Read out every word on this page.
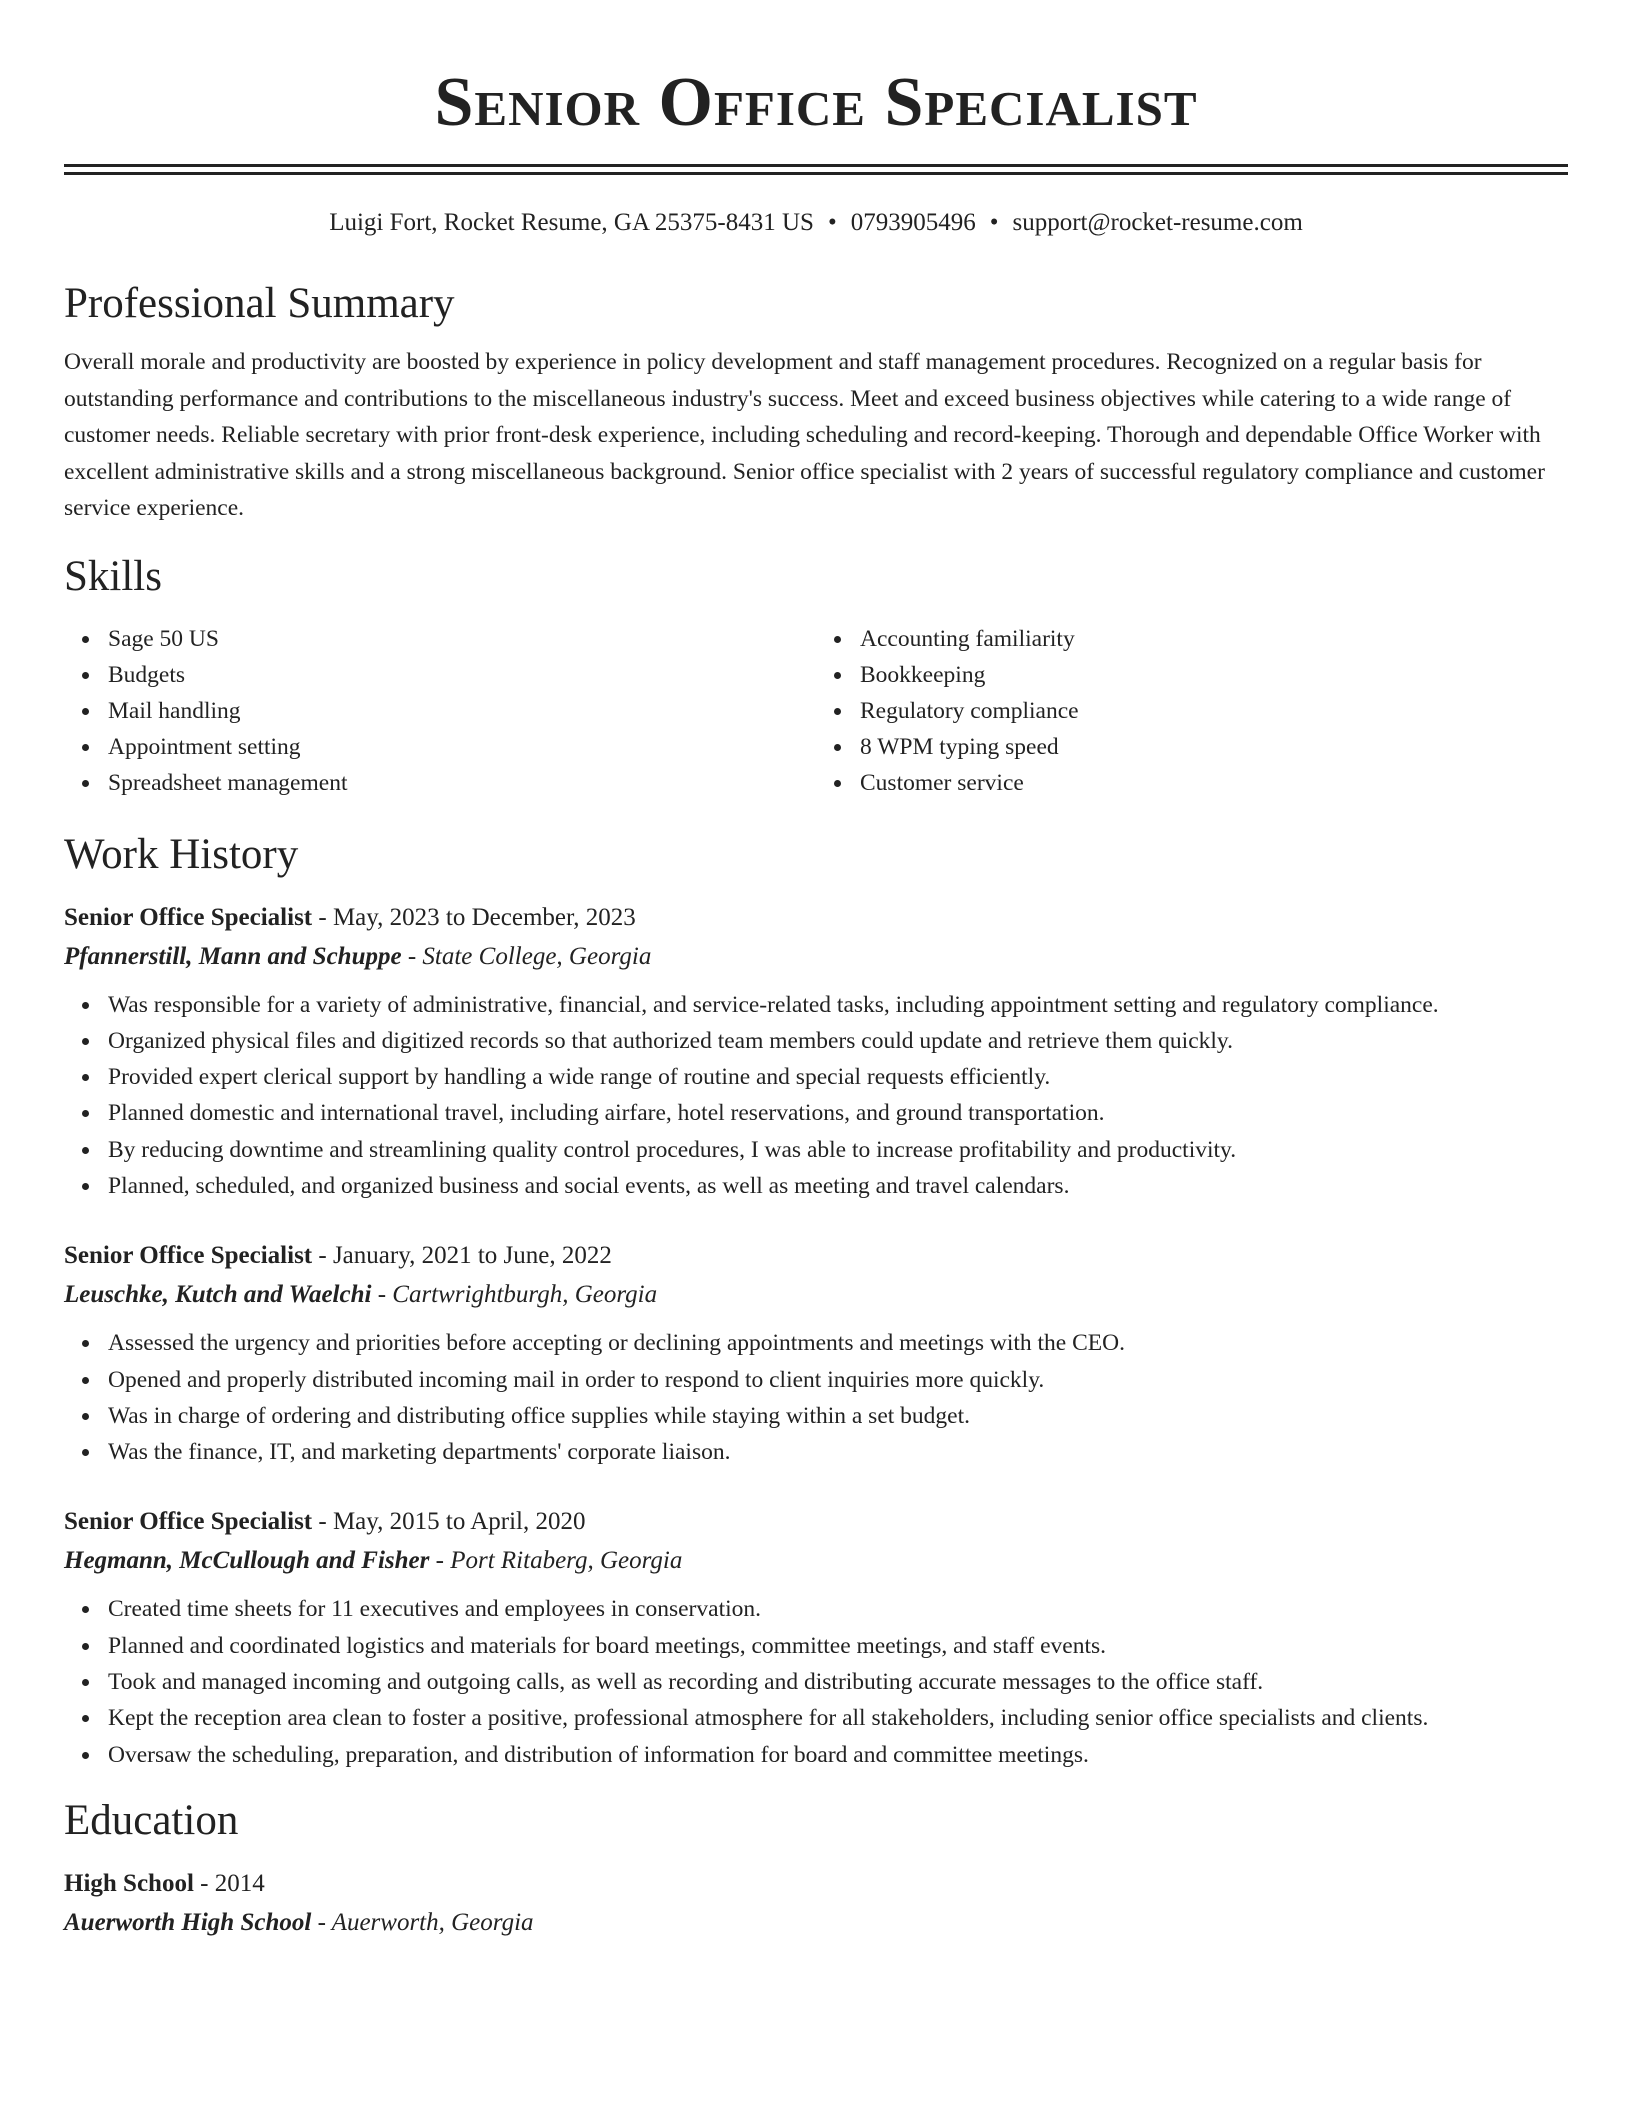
Senior Office Specialist
Luigi Fort, Rocket Resume, GA 25375-8431 US • 0793905496 • support@rocket-resume.com
Professional Summary
Overall morale and productivity are boosted by experience in policy development and staff management procedures. Recognized on a regular basis for outstanding performance and contributions to the miscellaneous industry's success. Meet and exceed business objectives while catering to a wide range of customer needs. Reliable secretary with prior front-desk experience, including scheduling and record-keeping. Thorough and dependable Office Worker with excellent administrative skills and a strong miscellaneous background. Senior office specialist with 2 years of successful regulatory compliance and customer service experience.
Skills
Sage 50 US
Budgets
Mail handling
Appointment setting
Spreadsheet management
Accounting familiarity
Bookkeeping
Regulatory compliance
8 WPM typing speed
Customer service
Work History
Senior Office Specialist - May, 2023 to December, 2023
Pfannerstill, Mann and Schuppe - State College, Georgia
Was responsible for a variety of administrative, financial, and service-related tasks, including appointment setting and regulatory compliance.
Organized physical files and digitized records so that authorized team members could update and retrieve them quickly.
Provided expert clerical support by handling a wide range of routine and special requests efficiently.
Planned domestic and international travel, including airfare, hotel reservations, and ground transportation.
By reducing downtime and streamlining quality control procedures, I was able to increase profitability and productivity.
Planned, scheduled, and organized business and social events, as well as meeting and travel calendars.
Senior Office Specialist - January, 2021 to June, 2022
Leuschke, Kutch and Waelchi - Cartwrightburgh, Georgia
Assessed the urgency and priorities before accepting or declining appointments and meetings with the CEO.
Opened and properly distributed incoming mail in order to respond to client inquiries more quickly.
Was in charge of ordering and distributing office supplies while staying within a set budget.
Was the finance, IT, and marketing departments' corporate liaison.
Senior Office Specialist - May, 2015 to April, 2020
Hegmann, McCullough and Fisher - Port Ritaberg, Georgia
Created time sheets for 11 executives and employees in conservation.
Planned and coordinated logistics and materials for board meetings, committee meetings, and staff events.
Took and managed incoming and outgoing calls, as well as recording and distributing accurate messages to the office staff.
Kept the reception area clean to foster a positive, professional atmosphere for all stakeholders, including senior office specialists and clients.
Oversaw the scheduling, preparation, and distribution of information for board and committee meetings.
Education
High School - 2014
Auerworth High School - Auerworth, Georgia
